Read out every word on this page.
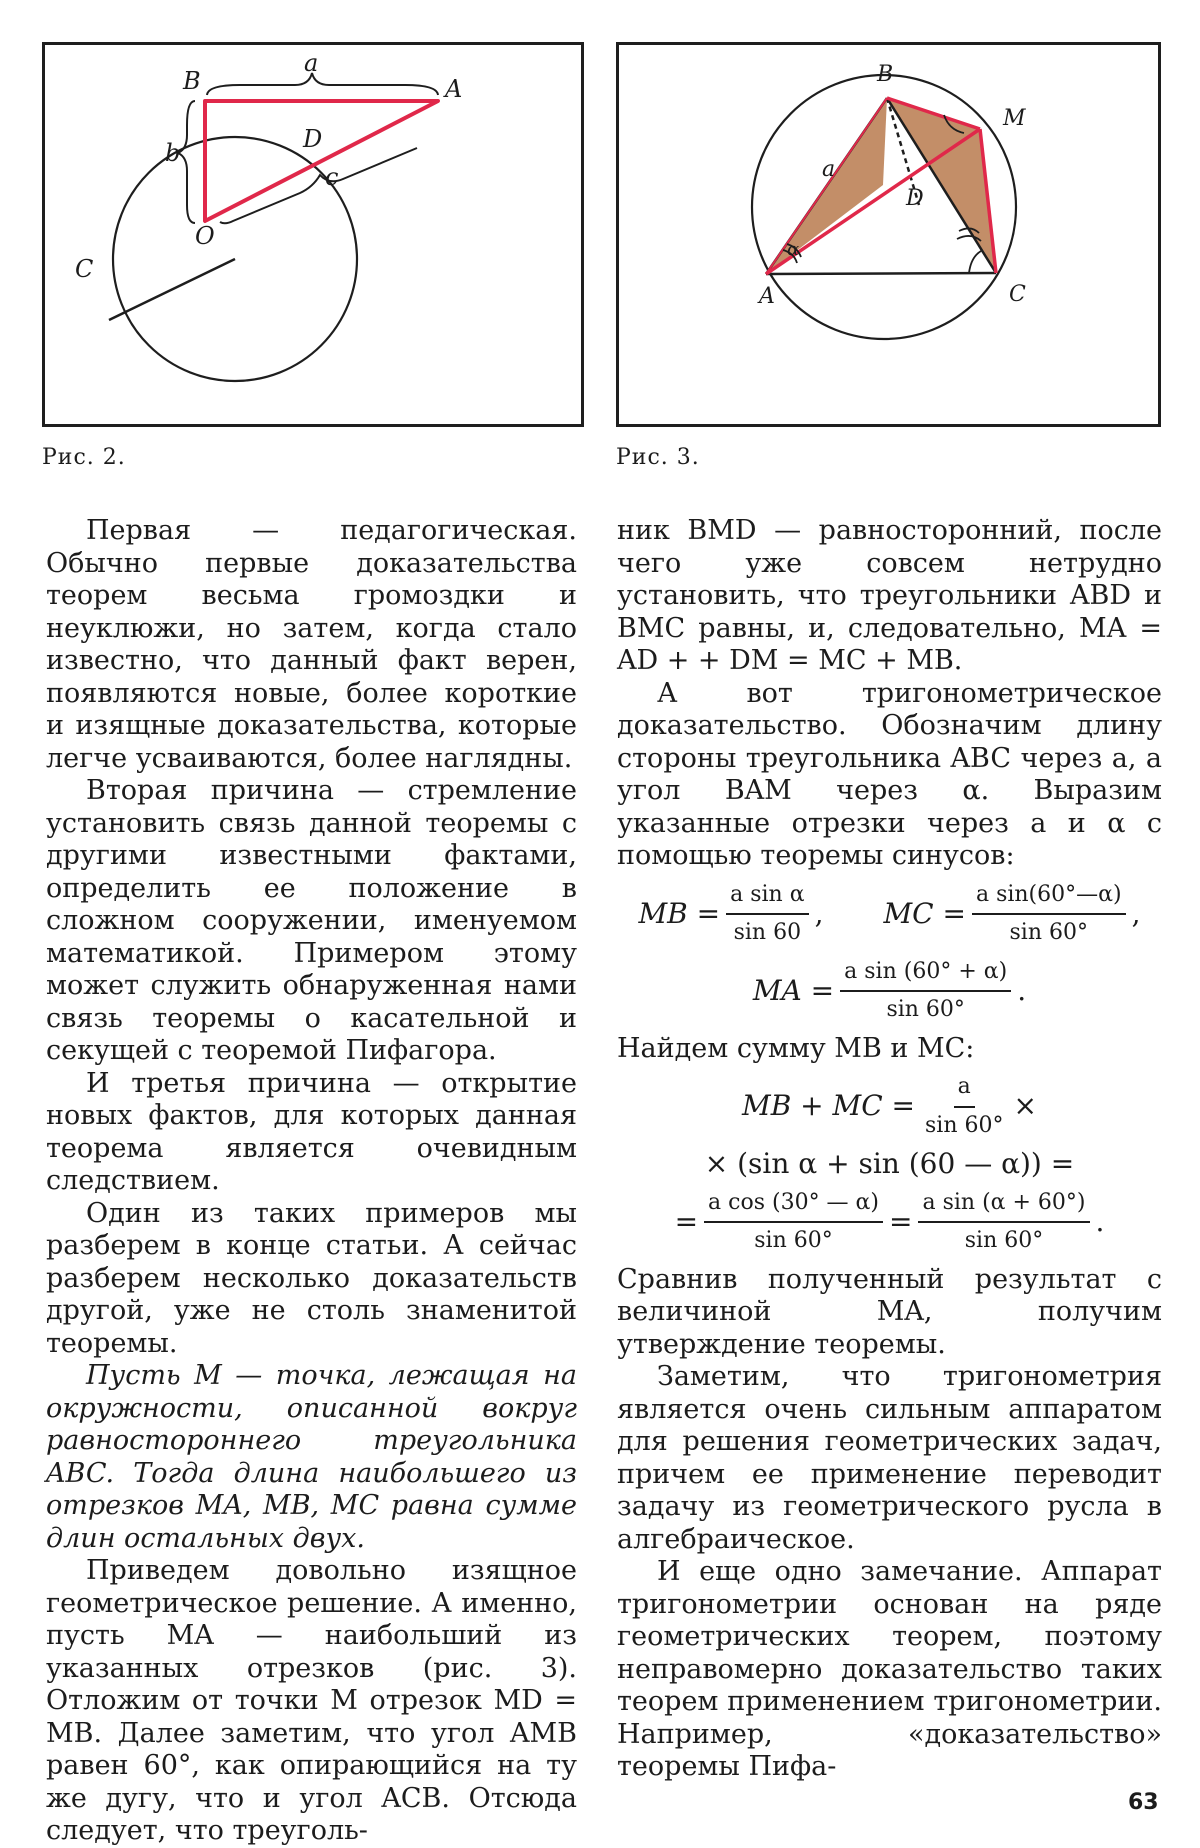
B	A
a
b	D
c
O
C
Рис. 2.
B
M
a
D
α
A	C
Рис. 3.

Первая — педагогическая. Обычно первые доказательства теорем весьма громоздки и неуклюжи, но затем, когда стало известно, что данный факт верен, появляются новые, более короткие и изящные доказательства, которые легче усваиваются, более наглядны.

Вторая причина — стремление установить связь данной теоремы с другими известными фактами, определить ее положение в сложном сооружении, именуемом математикой. Примером этому может служить обнаруженная нами связь теоремы о касательной и секущей с теоремой Пифагора.

И третья причина — открытие новых фактов, для которых данная теорема является очевидным следствием.

Один из таких примеров мы разберем в конце статьи. А сейчас разберем несколько доказательств другой, уже не столь знаменитой теоремы.

Пусть M — точка, лежащая на окружности, описанной вокруг равностороннего треугольника ABC. Тогда длина наибольшего из отрезков MA, MB, MC равна сумме длин остальных двух.

Приведем довольно изящное геометрическое решение. А именно, пусть MA — наибольший из указанных отрезков (рис. 3). Отложим от точки M отрезок MD = MB. Далее заметим, что угол AMB равен 60°, как опирающийся на ту же дугу, что и угол ACB. Отсюда следует, что треуголь-

ник BMD — равносторонний, после чего уже совсем нетрудно установить, что треугольники ABD и BMC равны, и, следовательно, MA = AD + + DM = MC + MB.

А вот тригонометрическое доказательство. Обозначим длину стороны треугольника ABC через a, а угол BAM через α. Выразим указанные отрезки через a и α с помощью теоремы синусов:

MB = $\frac{\text{a sin α}}{\sin 60}$ , MC = $\frac{\text{a sin(60°—α)}}{\sin 60^\circ}$ ,
MA = $\frac{\text{a sin (60° + α)}}{\sin 60^\circ}$ .

Найдем сумму MB и MC:

MB + MC = $\frac{a}{\sin 60^\circ}$ ×
× (sin α + sin (60 — α)) =
= $\frac{\text{a cos (30° — α)}}{\sin 60^\circ} = \frac{\text{a sin (α + 60°)}}{\sin 60^\circ}$ .

Сравнив полученный результат с величиной MA, получим утверждение теоремы.

Заметим, что тригонометрия является очень сильным аппаратом для решения геометрических задач, причем ее применение переводит задачу из геометрического русла в алгебраическое.

И еще одно замечание. Аппарат тригонометрии основан на ряде геометрических теорем, поэтому неправомерно доказательство таких теорем применением тригонометрии. Например, «доказательство» теоремы Пифа-

63
